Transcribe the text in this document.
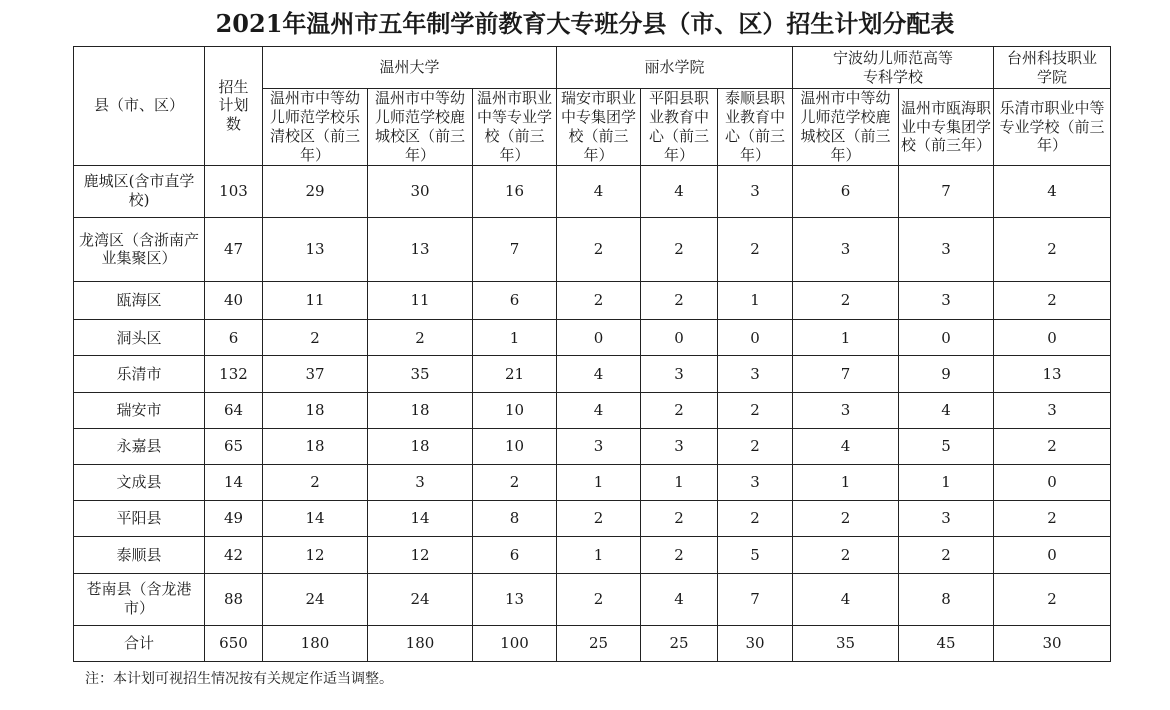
2021年温州市五年制学前教育大专班分县（市、区）招生计划分配表
县（市、区）	招生计划数	温州大学			丽水学院			宁波幼儿师范高等专科学校		台州科技职业学院
		温州市中等幼儿师范学校乐清校区（前三年）	温州市中等幼儿师范学校鹿城校区（前三年）	温州市职业中等专业学校（前三年）	瑞安市职业中专集团学校（前三年）	平阳县职业教育中心（前三年）	泰顺县职业教育中心（前三年）	温州市中等幼儿师范学校鹿城校区（前三年）	温州市瓯海职业中专集团学校（前三年）	乐清市职业中等专业学校（前三年）
鹿城区(含市直学校)	103	29	30	16	4	4	3	6	7	4
龙湾区（含浙南产业集聚区）	47	13	13	7	2	2	2	3	3	2
瓯海区	40	11	11	6	2	2	1	2	3	2
洞头区	6	2	2	1	0	0	0	1	0	0
乐清市	132	37	35	21	4	3	3	7	9	13
瑞安市	64	18	18	10	4	2	2	3	4	3
永嘉县	65	18	18	10	3	3	2	4	5	2
文成县	14	2	3	2	1	1	3	1	1	0
平阳县	49	14	14	8	2	2	2	2	3	2
泰顺县	42	12	12	6	1	2	5	2	2	0
苍南县（含龙港市）	88	24	24	13	2	4	7	4	8	2
合计	650	180	180	100	25	25	30	35	45	30
注：本计划可视招生情况按有关规定作适当调整。
